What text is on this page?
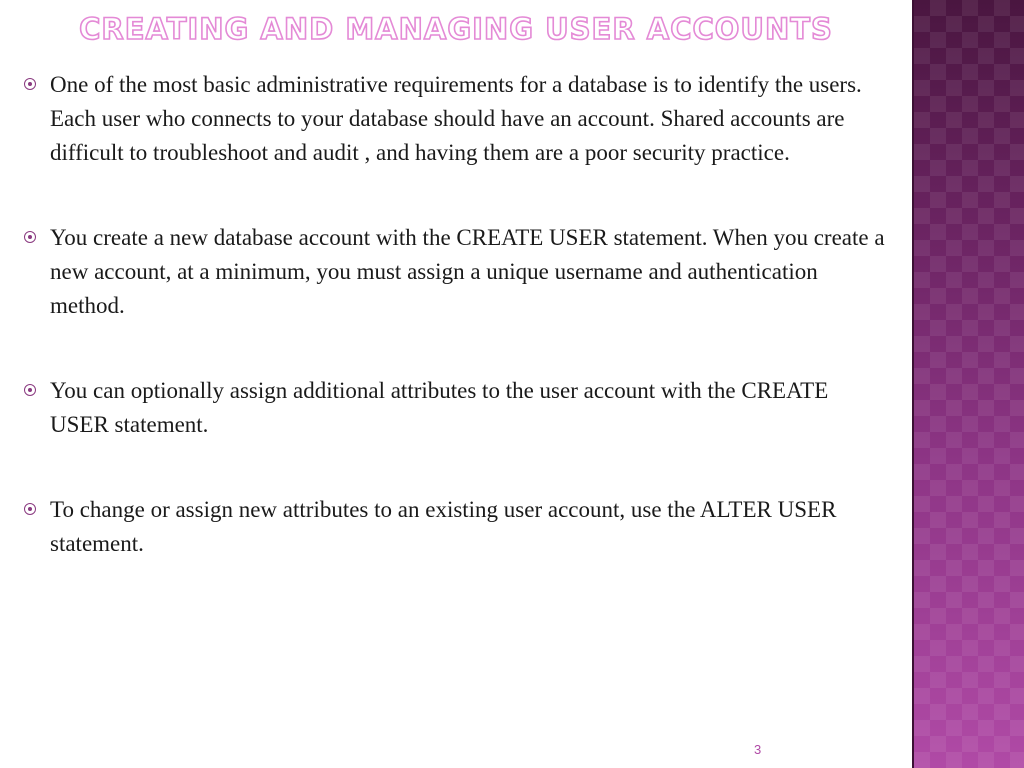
CREATING AND MANAGING USER ACCOUNTS
One of the most basic administrative requirements for a database is to identify the users. Each user who connects to your database should have an account. Shared accounts are difficult to troubleshoot and audit , and having them are a poor security practice.
You create a new database account with the CREATE USER statement. When you create a new account, at a minimum, you must assign a unique username and authentication method.
You can optionally assign additional attributes to the user account with the CREATE USER statement.
To change or assign new attributes to an existing user account, use the ALTER USER statement.
3
